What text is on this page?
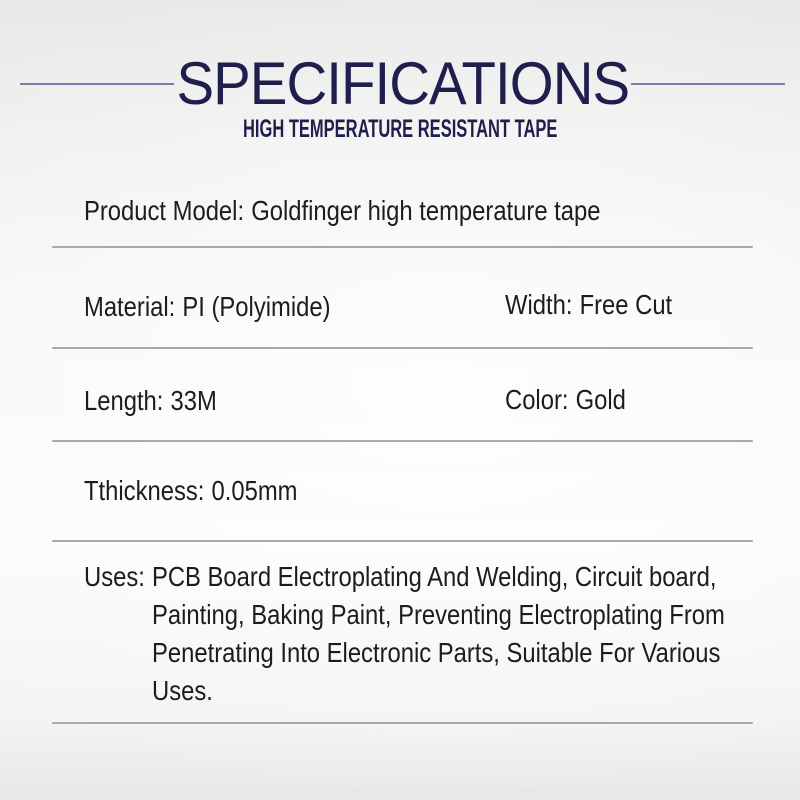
SPECIFICATIONS
HIGH TEMPERATURE RESISTANT TAPE
Product Model: Goldfinger high temperature tape
Material: PI (Polyimide)	Width: Free Cut
Length: 33M	Color: Gold
Tthickness: 0.05mm
Uses: PCB Board Electroplating And Welding, Circuit board,
Painting, Baking Paint, Preventing Electroplating From
Penetrating Into Electronic Parts, Suitable For Various
Uses.
